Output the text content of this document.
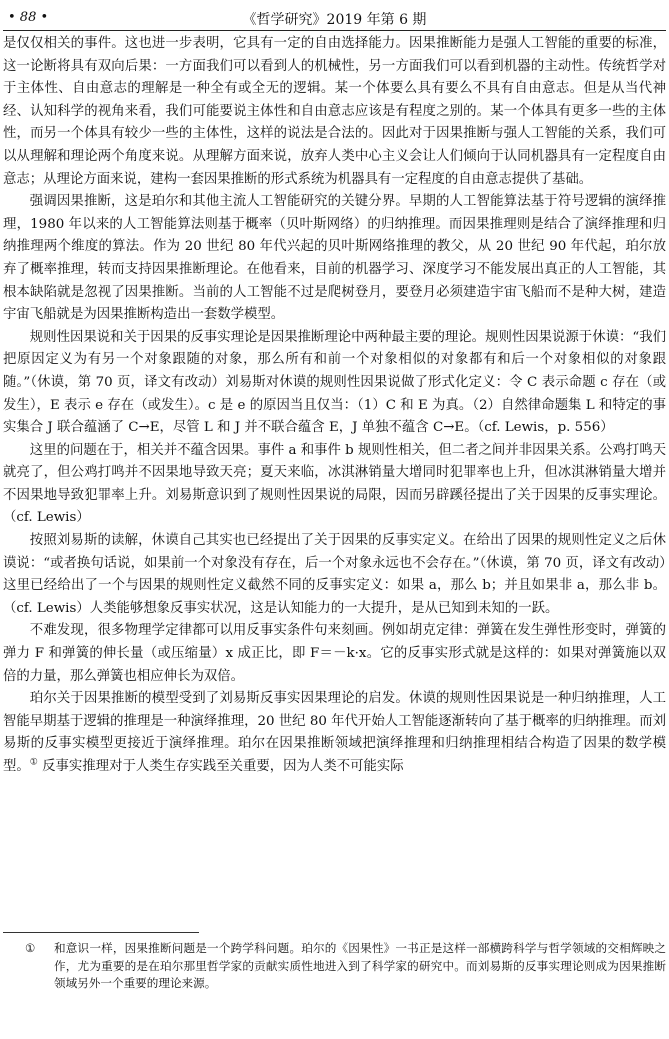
• 88 •	《哲学研究》2019 年第 6 期

是仅仅相关的事件。这也进一步表明，它具有一定的自由选择能力。因果推断能力是强人工智能的重要的标准，这一论断将具有双向后果：一方面我们可以看到人的机械性，另一方面我们可以看到机器的主动性。传统哲学对于主体性、自由意志的理解是一种全有或全无的逻辑。某一个体要么具有要么不具有自由意志。但是从当代神经、认知科学的视角来看，我们可能要说主体性和自由意志应该是有程度之别的。某一个体具有更多一些的主体性，而另一个体具有较少一些的主体性，这样的说法是合法的。因此对于因果推断与强人工智能的关系，我们可以从理解和理论两个角度来说。从理解方面来说，放弃人类中心主义会让人们倾向于认同机器具有一定程度自由意志；从理论方面来说，建构一套因果推断的形式系统为机器具有一定程度的自由意志提供了基础。

强调因果推断，这是珀尔和其他主流人工智能研究的关键分界。早期的人工智能算法基于符号逻辑的演绎推理，1980 年以来的人工智能算法则基于概率（贝叶斯网络）的归纳推理。而因果推理则是结合了演绎推理和归纳推理两个维度的算法。作为 20 世纪 80 年代兴起的贝叶斯网络推理的教父，从 20 世纪 90 年代起，珀尔放弃了概率推理，转而支持因果推断理论。在他看来，目前的机器学习、深度学习不能发展出真正的人工智能，其根本缺陷就是忽视了因果推断。当前的人工智能不过是爬树登月，要登月必须建造宇宙飞船而不是种大树，建造宇宙飞船就是为因果推断构造出一套数学模型。

规则性因果说和关于因果的反事实理论是因果推断理论中两种最主要的理论。规则性因果说源于休谟：“我们把原因定义为有另一个对象跟随的对象，那么所有和前一个对象相似的对象都有和后一个对象相似的对象跟随。”（休谟，第 70 页，译文有改动）刘易斯对休谟的规则性因果说做了形式化定义：令 C 表示命题 c 存在（或发生），E 表示 e 存在（或发生）。c 是 e 的原因当且仅当：（1）C 和 E 为真。（2）自然律命题集 L 和特定的事实集合 J 联合蕴涵了 C→E，尽管 L 和 J 并不联合蕴含 E，J 单独不蕴含 C→E。（cf. Lewis，p. 556）

这里的问题在于，相关并不蕴含因果。事件 a 和事件 b 规则性相关，但二者之间并非因果关系。公鸡打鸣天就亮了，但公鸡打鸣并不因果地导致天亮；夏天来临，冰淇淋销量大增同时犯罪率也上升，但冰淇淋销量大增并不因果地导致犯罪率上升。刘易斯意识到了规则性因果说的局限，因而另辟蹊径提出了关于因果的反事实理论。（cf. Lewis）

按照刘易斯的读解，休谟自己其实也已经提出了关于因果的反事实定义。在给出了因果的规则性定义之后休谟说：“或者换句话说，如果前一个对象没有存在，后一个对象永远也不会存在。”（休谟，第 70 页，译文有改动）这里已经给出了一个与因果的规则性定义截然不同的反事实定义：如果 a，那么 b；并且如果非 a，那么非 b。（cf. Lewis）人类能够想象反事实状况，这是认知能力的一大提升，是从已知到未知的一跃。

不难发现，很多物理学定律都可以用反事实条件句来刻画。例如胡克定律：弹簧在发生弹性形变时，弹簧的弹力 F 和弹簧的伸长量（或压缩量）x 成正比，即 F＝－k·x。它的反事实形式就是这样的：如果对弹簧施以双倍的力量，那么弹簧也相应伸长为双倍。

珀尔关于因果推断的模型受到了刘易斯反事实因果理论的启发。休谟的规则性因果说是一种归纳推理，人工智能早期基于逻辑的推理是一种演绎推理，20 世纪 80 年代开始人工智能逐渐转向了基于概率的归纳推理。而刘易斯的反事实模型更接近于演绎推理。珀尔在因果推断领域把演绎推理和归纳推理相结合构造了因果的数学模型。① 反事实推理对于人类生存实践至关重要，因为人类不可能实际

① 和意识一样，因果推断问题是一个跨学科问题。珀尔的《因果性》一书正是这样一部横跨科学与哲学领域的交相辉映之作，尤为重要的是在珀尔那里哲学家的贡献实质性地进入到了科学家的研究中。而刘易斯的反事实理论则成为因果推断领域另外一个重要的理论来源。
